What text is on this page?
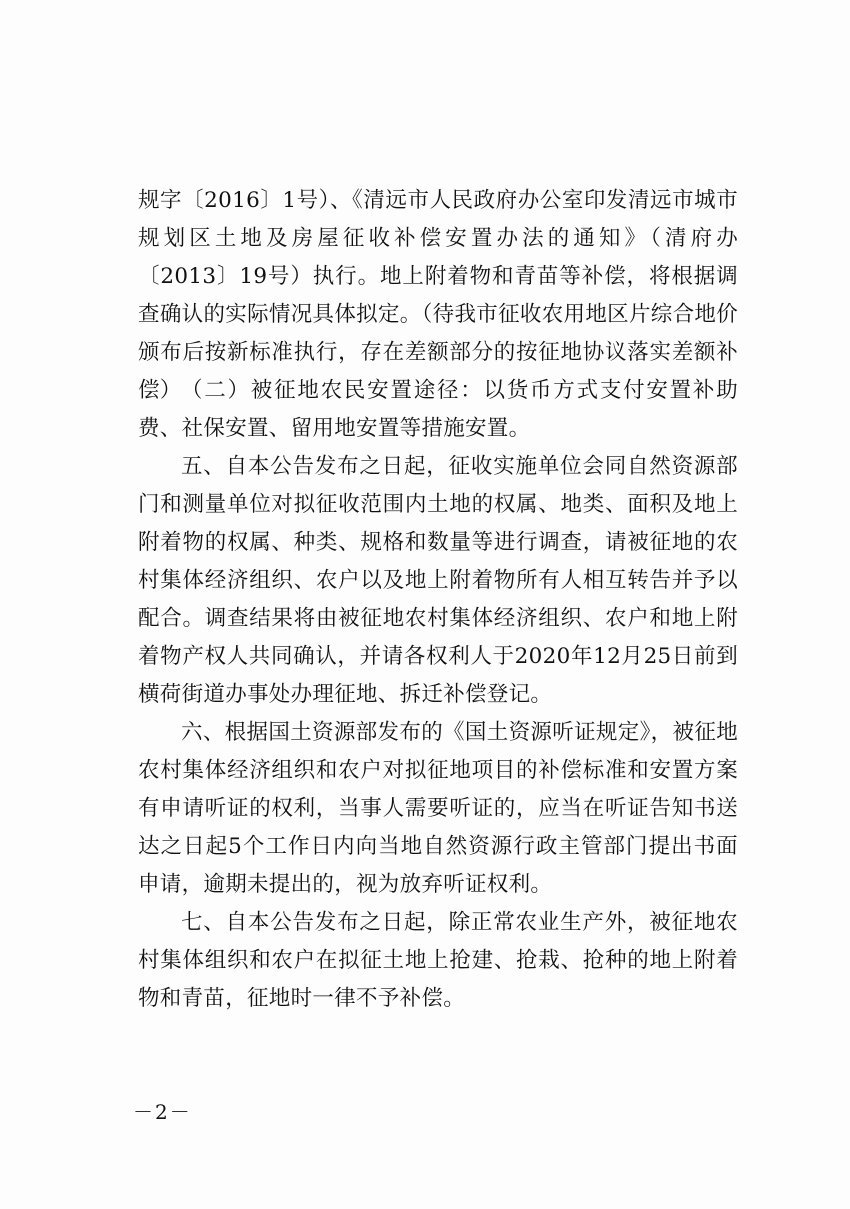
规字〔2016〕1号）、《清远市人民政府办公室印发清远市城市规划区土地及房屋征收补偿安置办法的通知》（清府办〔2013〕19号）执行。地上附着物和青苗等补偿，将根据调查确认的实际情况具体拟定。（待我市征收农用地区片综合地价颁布后按新标准执行，存在差额部分的按征地协议落实差额补偿） （二）被征地农民安置途径：以货币方式支付安置补助费、社保安置、留用地安置等措施安置。

五、自本公告发布之日起，征收实施单位会同自然资源部门和测量单位对拟征收范围内土地的权属、地类、面积及地上附着物的权属、种类、规格和数量等进行调查，请被征地的农村集体经济组织、农户以及地上附着物所有人相互转告并予以配合。调查结果将由被征地农村集体经济组织、农户和地上附着物产权人共同确认，并请各权利人于2020年12月25日前到横荷街道办事处办理征地、拆迁补偿登记。

六、根据国土资源部发布的《国土资源听证规定》，被征地农村集体经济组织和农户对拟征地项目的补偿标准和安置方案有申请听证的权利，当事人需要听证的，应当在听证告知书送达之日起5个工作日内向当地自然资源行政主管部门提出书面申请，逾期未提出的，视为放弃听证权利。

七、自本公告发布之日起，除正常农业生产外，被征地农村集体组织和农户在拟征土地上抢建、抢栽、抢种的地上附着物和青苗，征地时一律不予补偿。

－2－
